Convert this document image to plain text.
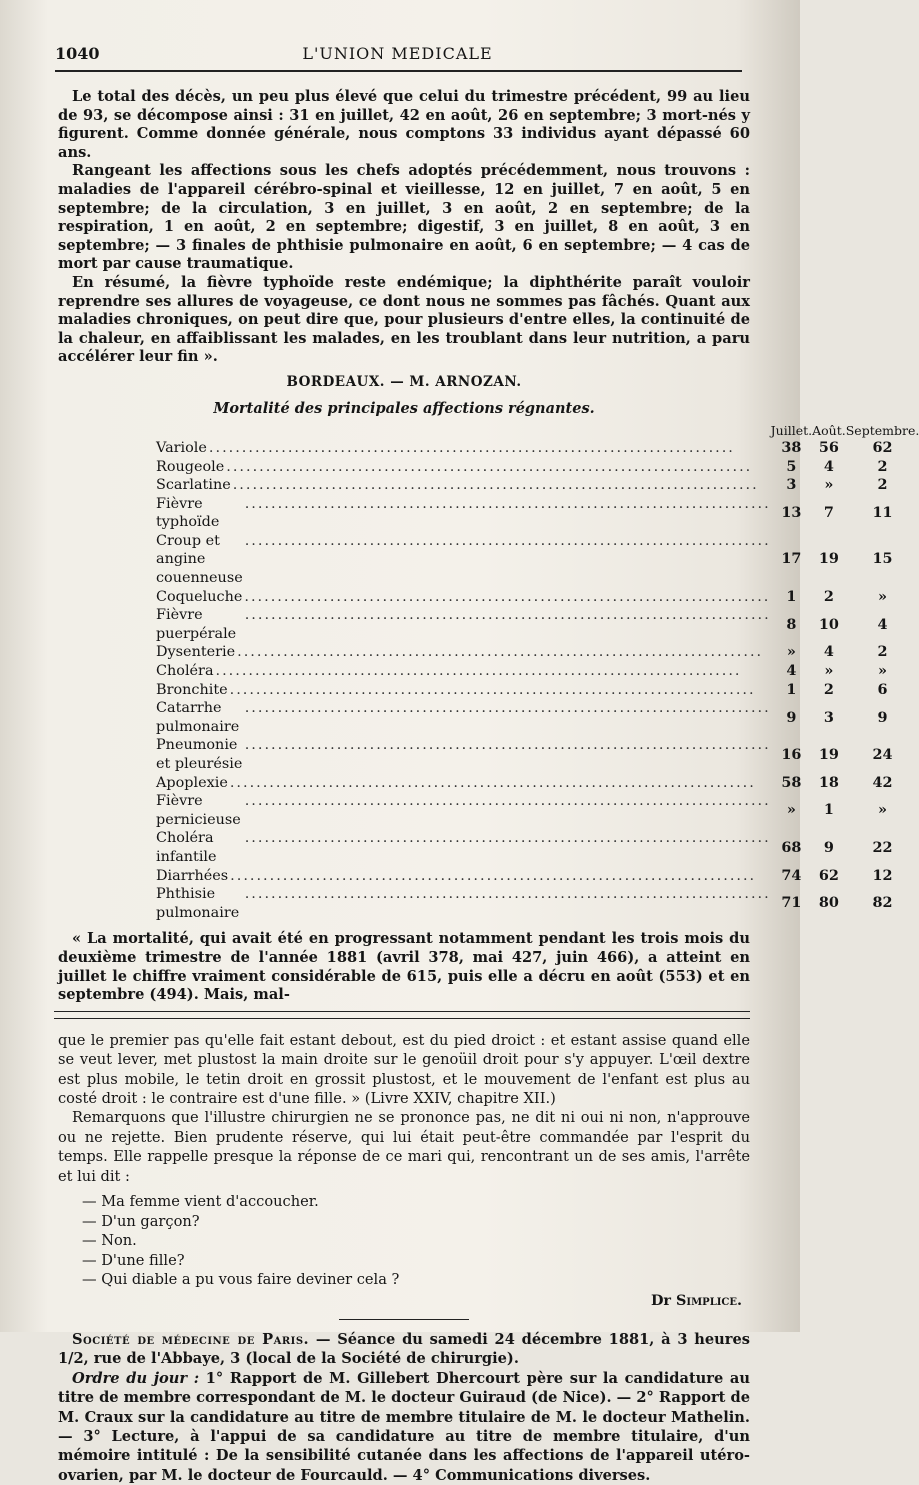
1040	L'UNION MEDICALE

Le total des décès, un peu plus élevé que celui du trimestre précédent, 99 au lieu de 93, se décompose ainsi : 31 en juillet, 42 en août, 26 en septembre; 3 mort-nés y figurent. Comme donnée générale, nous comptons 33 individus ayant dépassé 60 ans.

Rangeant les affections sous les chefs adoptés précédemment, nous trouvons : maladies de l'appareil cérébro-spinal et vieillesse, 12 en juillet, 7 en août, 5 en septembre; de la circulation, 3 en juillet, 3 en août, 2 en septembre; de la respiration, 1 en août, 2 en septembre; digestif, 3 en juillet, 8 en août, 3 en septembre; — 3 finales de phthisie pulmonaire en août, 6 en septembre; — 4 cas de mort par cause traumatique.

En résumé, la fièvre typhoïde reste endémique; la diphthérite paraît vouloir reprendre ses allures de voyageuse, ce dont nous ne sommes pas fâchés. Quant aux maladies chroniques, on peut dire que, pour plusieurs d'entre elles, la continuité de la chaleur, en affaiblissant les malades, en les troublant dans leur nutrition, a paru accélérer leur fin ».

BORDEAUX. — M. ARNOZAN.
Mortalité des principales affections régnantes.
	Juillet.	Août.	Septembre.

Variole
.....	38	56	62

Rougeole
.....	5	4	2

Scarlatine
.....	3	»	2

Fièvre typhoïde
.....	13	7	11

Croup et angine couenneuse
.....	17	19	15

Coqueluche
.....	1	2	»

Fièvre puerpérale
.....	8	10	4

Dysenterie
.....	»	4	2

Choléra
.....	4	»	»

Bronchite
.....	1	2	6

Catarrhe pulmonaire
.....	9	3	9

Pneumonie et pleurésie
.....	16	19	24

Apoplexie
.....	58	18	42

Fièvre pernicieuse
.....	»	1	»

Choléra infantile
.....	68	9	22

Diarrhées
.....	74	62	12

Phthisie pulmonaire
.....	71	80	82

« La mortalité, qui avait été en progressant notamment pendant les trois mois du deuxième trimestre de l'année 1881 (avril 378, mai 427, juin 466), a atteint en juillet le chiffre vraiment considérable de 615, puis elle a décru en août (553) et en septembre (494). Mais, mal-

que le premier pas qu'elle fait estant debout, est du pied droict : et estant assise quand elle se veut lever, met plustost la main droite sur le genoüil droit pour s'y appuyer. L'œil dextre est plus mobile, le tetin droit en grossit plustost, et le mouvement de l'enfant est plus au costé droit : le contraire est d'une fille. » (Livre XXIV, chapitre XII.)

Remarquons que l'illustre chirurgien ne se prononce pas, ne dit ni oui ni non, n'approuve ou ne rejette. Bien prudente réserve, qui lui était peut-être commandée par l'esprit du temps. Elle rappelle presque la réponse de ce mari qui, rencontrant un de ses amis, l'arrête et lui dit :

— Ma femme vient d'accoucher.
— D'un garçon?
— Non.
— D'une fille?
— Qui diable a pu vous faire deviner cela ?
Dr Simplice.

Société de médecine de Paris. — Séance du samedi 24 décembre 1881, à 3 heures 1/2, rue de l'Abbaye, 3 (local de la Société de chirurgie).

Ordre du jour : 1° Rapport de M. Gillebert Dhercourt père sur la candidature au titre de membre correspondant de M. le docteur Guiraud (de Nice). — 2° Rapport de M. Craux sur la candidature au titre de membre titulaire de M. le docteur Mathelin. — 3° Lecture, à l'appui de sa candidature au titre de membre titulaire, d'un mémoire intitulé : De la sensibilité cutanée dans les affections de l'appareil utéro-ovarien, par M. le docteur de Fourcauld. — 4° Communications diverses.
